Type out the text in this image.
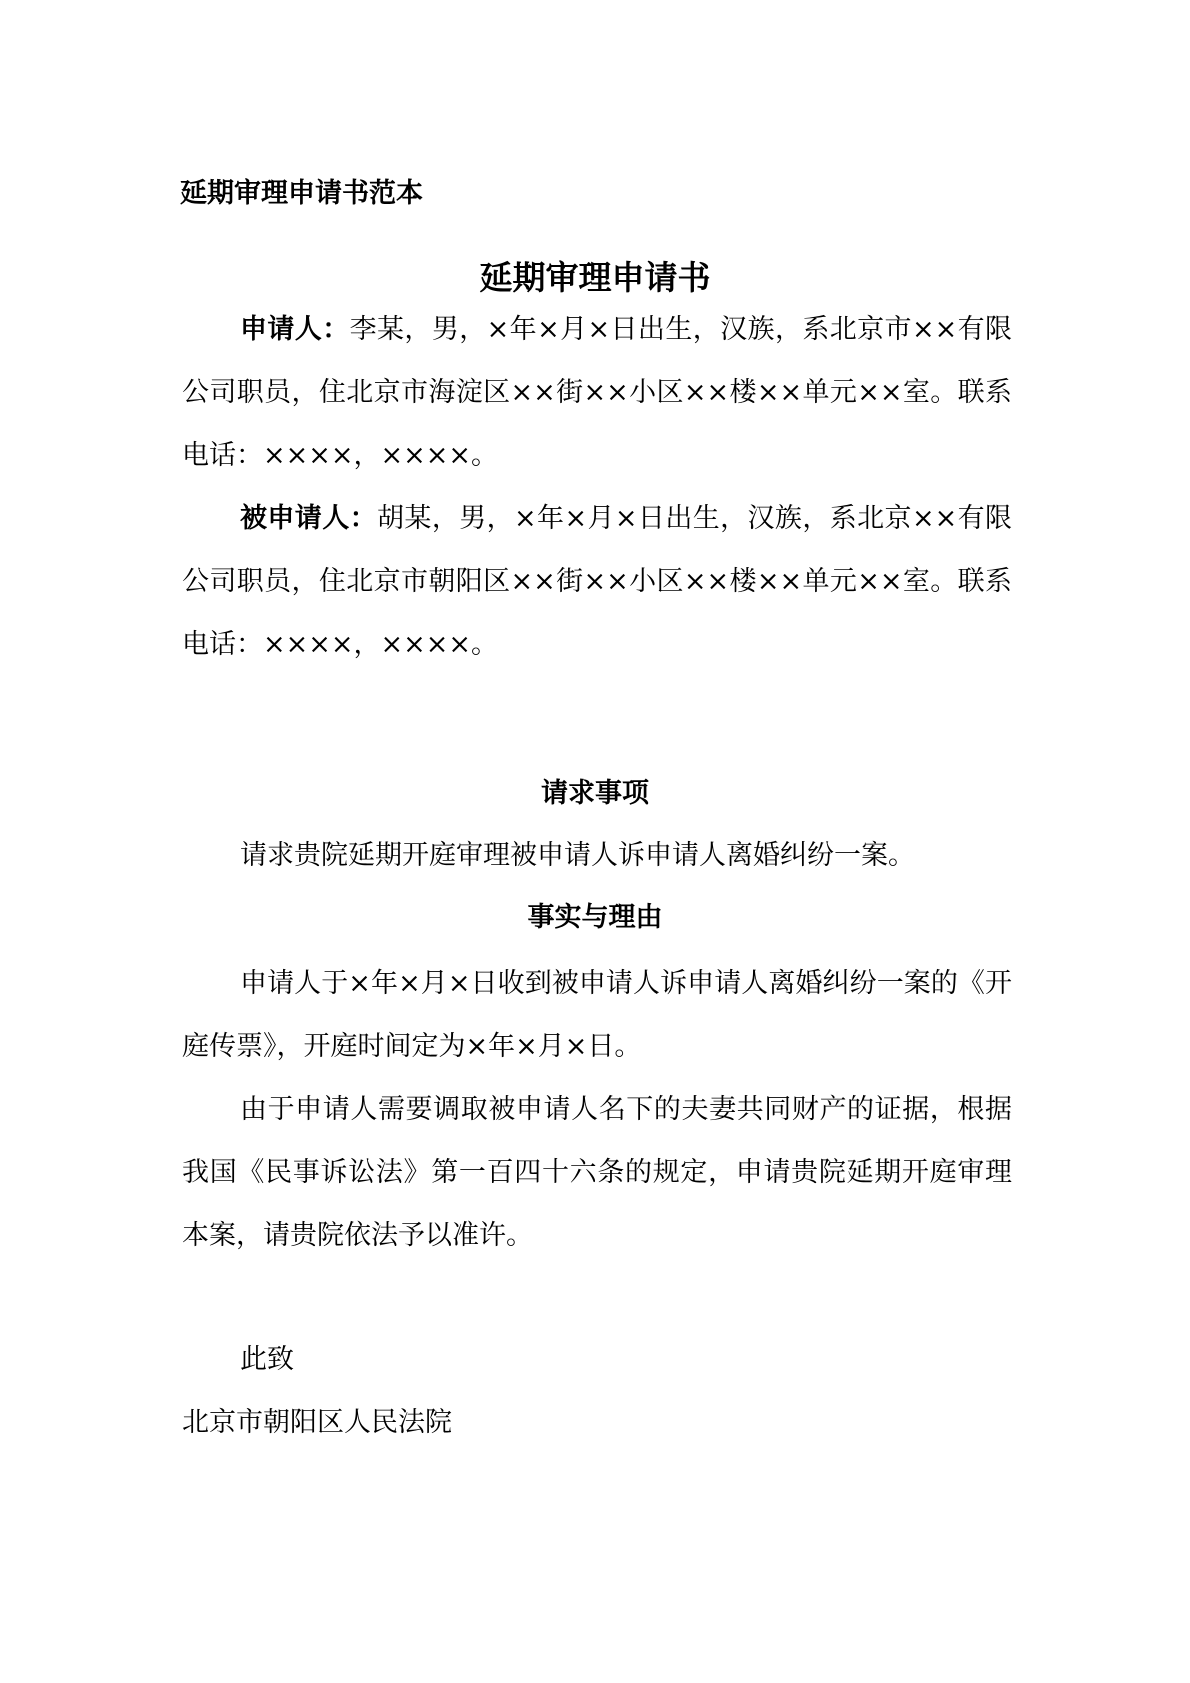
延期审理申请书范本
延期审理申请书

申请人：李某，男，×年×月×日出生，汉族，系北京市××有限公司职员，住北京市海淀区××街××小区××楼××单元××室。联系电话：××××，××××。

被申请人：胡某，男，×年×月×日出生，汉族，系北京××有限公司职员，住北京市朝阳区××街××小区××楼××单元××室。联系电话：××××，××××。

请求事项

请求贵院延期开庭审理被申请人诉申请人离婚纠纷一案。

事实与理由

申请人于×年×月×日收到被申请人诉申请人离婚纠纷一案的《开庭传票》，开庭时间定为×年×月×日。

由于申请人需要调取被申请人名下的夫妻共同财产的证据，根据我国《民事诉讼法》第一百四十六条的规定，申请贵院延期开庭审理本案，请贵院依法予以准许。

此致

北京市朝阳区人民法院
